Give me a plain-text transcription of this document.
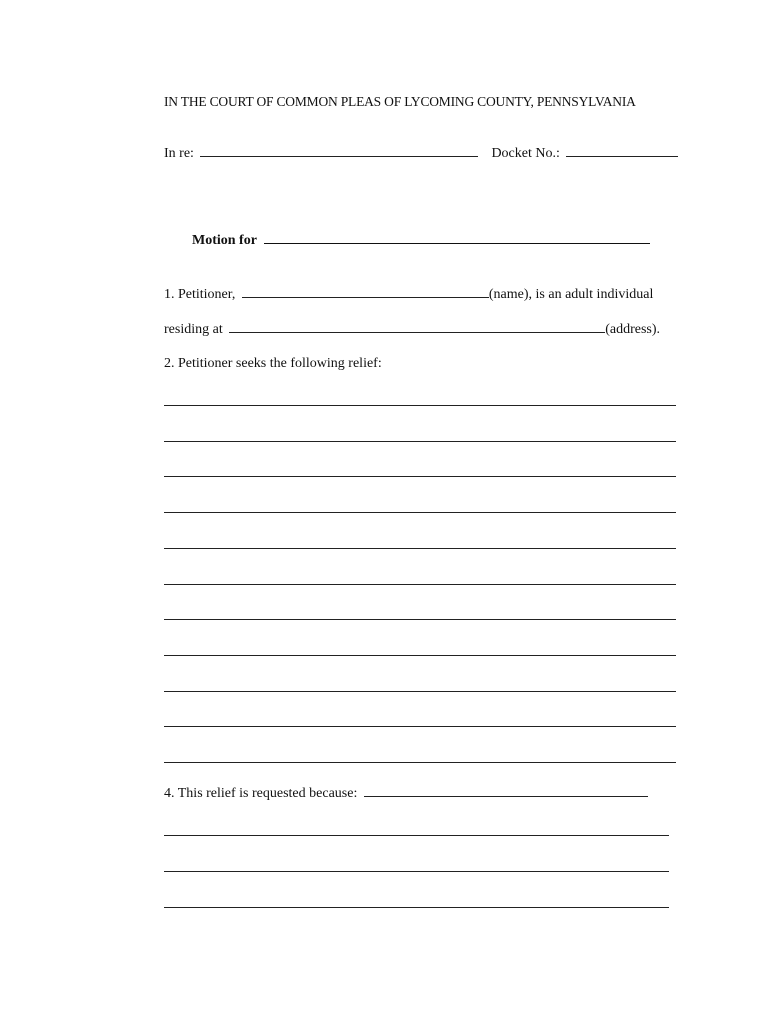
IN THE COURT OF COMMON PLEAS OF LYCOMING COUNTY, PENNSYLVANIA
In re:	Docket No.:
Motion for
1. Petitioner,	(name), is an adult individual
residing at	(address).
2. Petitioner seeks the following relief:
4. This relief is requested because:
